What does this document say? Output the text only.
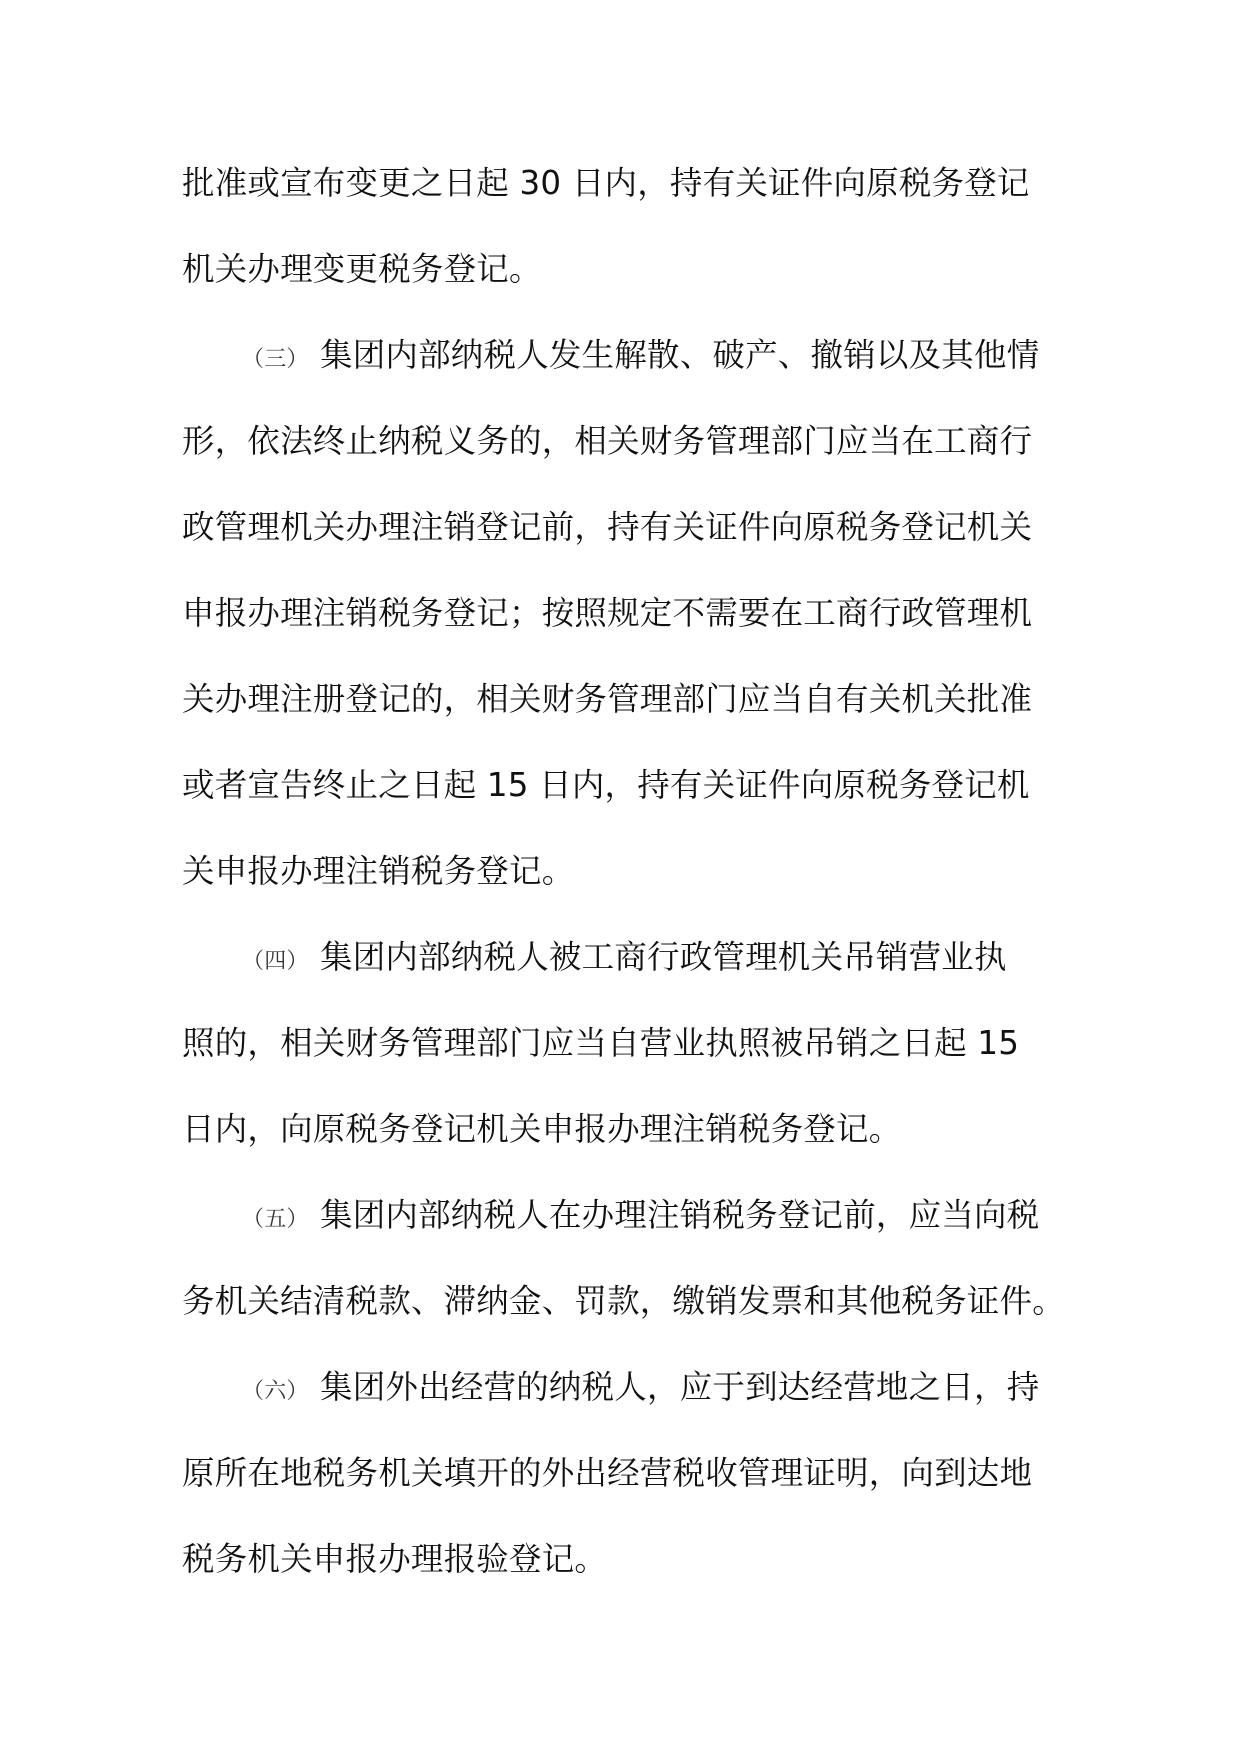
批准或宣布变更之日起 30 日内，持有关证件向原税务登记
机关办理变更税务登记。
（三） 集团内部纳税人发生解散、破产、撤销以及其他情
形，依法终止纳税义务的，相关财务管理部门应当在工商行
政管理机关办理注销登记前，持有关证件向原税务登记机关
申报办理注销税务登记；按照规定不需要在工商行政管理机
关办理注册登记的，相关财务管理部门应当自有关机关批准
或者宣告终止之日起 15 日内，持有关证件向原税务登记机
关申报办理注销税务登记。
（四） 集团内部纳税人被工商行政管理机关吊销营业执
照的，相关财务管理部门应当自营业执照被吊销之日起 15
日内，向原税务登记机关申报办理注销税务登记。
（五） 集团内部纳税人在办理注销税务登记前，应当向税
务机关结清税款、滞纳金、罚款，缴销发票和其他税务证件。
（六） 集团外出经营的纳税人，应于到达经营地之日，持
原所在地税务机关填开的外出经营税收管理证明，向到达地
税务机关申报办理报验登记。
